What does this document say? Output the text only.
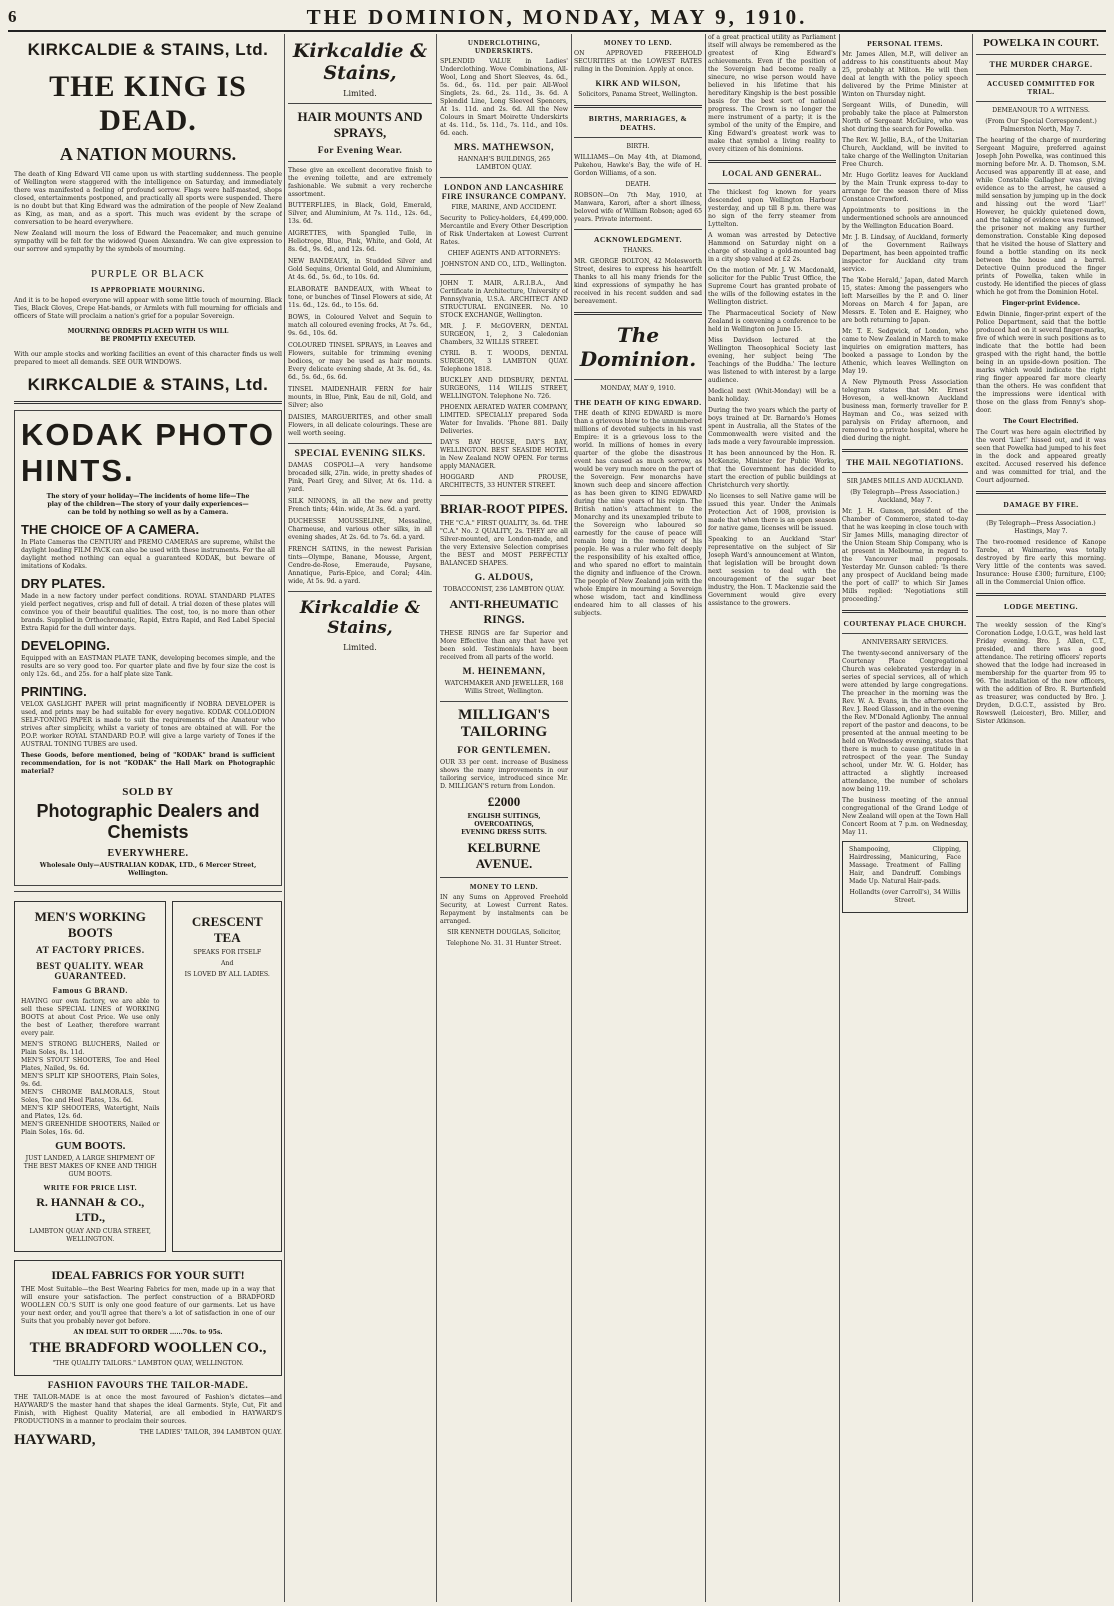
6	THE DOMINION, MONDAY, MAY 9, 1910.
KIRKCALDIE & STAINS, Ltd.
THE KING IS DEAD.
A NATION MOURNS.

The death of King Edward VII came upon us with startling suddenness. The people of Wellington were staggered with the intelligence on Saturday, and immediately there was manifested a feeling of profound sorrow. Flags were half-masted, shops closed, entertainments postponed, and practically all sports were suspended. There is no doubt but that King Edward was the admiration of the people of New Zealand as King, as man, and as a sport. This much was evident by the scrape of conversation to be heard everywhere.

New Zealand will mourn the loss of Edward the Peacemaker, and much genuine sympathy will be felt for the widowed Queen Alexandra. We can give expression to our sorrow and sympathy by the symbols of mourning.

PURPLE OR BLACK
IS APPROPRIATE MOURNING.

And it is to be hoped everyone will appear with some little touch of mourning. Black Ties, Black Gloves, Crepe Hat-bands, or Armlets with full mourning for officials and officers of State will proclaim a nation's grief for a popular Sovereign.

MOURNING ORDERS PLACED WITH US WILL BE PROMPTLY EXECUTED.

With our ample stocks and working facilities an event of this character finds us well prepared to meet all demands. SEE OUR WINDOWS.

KIRKCALDIE & STAINS, Ltd.
KODAK PHOTO HINTS.

The story of your holiday—The incidents of home life—The play of the children—The story of your daily experiences—can be told by nothing so well as by a Camera.

THE CHOICE OF A CAMERA.

In Plate Cameras the CENTURY and PREMO CAMERAS are supreme, whilst the daylight loading FILM PACK can also be used with these instruments. For the all daylight method nothing can equal a guaranteed KODAK, but beware of imitations of Kodaks.

DRY PLATES.

Made in a new factory under perfect conditions. ROYAL STANDARD PLATES yield perfect negatives, crisp and full of detail. A trial dozen of these plates will convince you of their beautiful qualities. The cost, too, is no more than other brands. Supplied in Orthochromatic, Rapid, Extra Rapid, and Red Label Special Extra Rapid for the dull winter days.

DEVELOPING.

Equipped with an EASTMAN PLATE TANK, developing becomes simple, and the results are so very good too. For quarter plate and five by four size the cost is only 12s. 6d., and 25s. for a half plate size Tank.

PRINTING.

VELOX GASLIGHT PAPER will print magnificently if NOBRA DEVELOPER is used, and prints may be had suitable for every negative. KODAK COLLODION SELF-TONING PAPER is made to suit the requirements of the Amateur who strives after simplicity, whilst a variety of tones are obtained at will. For the P.O.P. worker ROYAL STANDARD P.O.P. will give a large variety of Tones if the AUSTRAL TONING TUBES are used.

These Goods, before mentioned, being of "KODAK" brand is sufficient recommendation, for is not "KODAK" the Hall Mark on Photographic material?

SOLD BY
Photographic Dealers and Chemists
EVERYWHERE.

Wholesale Only—AUSTRALIAN KODAK, LTD., 6 Mercer Street, Wellington.

MEN'S WORKING BOOTS
AT FACTORY PRICES.
BEST QUALITY. WEAR GUARANTEED.
Famous G BRAND.

HAVING our own factory, we are able to sell these SPECIAL LINES of WORKING BOOTS at about Cost Price. We use only the best of Leather, therefore warrant every pair.

MEN'S STRONG BLUCHERS, Nailed or Plain Soles, 8s. 11d.

MEN'S STOUT SHOOTERS, Toe and Heel Plates, Nailed, 9s. 6d.

MEN'S SPLIT KIP SHOOTERS, Plain Soles, 9s. 6d.

MEN'S CHROME BALMORALS, Stout Soles, Toe and Heel Plates, 13s. 6d.

MEN'S KIP SHOOTERS, Watertight, Nails and Plates, 12s. 6d.

MEN'S GREENHIDE SHOOTERS, Nailed or Plain Soles, 16s. 6d.

GUM BOOTS.

JUST LANDED, A LARGE SHIPMENT OF THE BEST MAKES OF KNEE AND THIGH GUM BOOTS.

WRITE FOR PRICE LIST.
R. HANNAH & CO., LTD.,

LAMBTON QUAY AND CUBA STREET, WELLINGTON.

CRESCENT TEA

SPEAKS FOR ITSELF

And

IS LOVED BY ALL LADIES.

IDEAL FABRICS FOR YOUR SUIT!

THE Most Suitable—the Best Wearing Fabrics for men, made up in a way that will ensure your satisfaction. The perfect construction of a BRADFORD WOOLLEN CO.'S SUIT is only one good feature of our garments. Let us have your next order, and you'll agree that there's a lot of satisfaction in one of our Suits that you probably never got before.

AN IDEAL SUIT TO ORDER ......70s. to 95s.

THE BRADFORD WOOLLEN CO.,

"THE QUALITY TAILORS." LAMBTON QUAY, WELLINGTON.

FASHION FAVOURS THE TAILOR-MADE.

THE TAILOR-MADE is at once the most favoured of Fashion's dictates—and HAYWARD'S the master hand that shapes the ideal Garments. Style, Cut, Fit and Finish, with Highest Quality Material, are all embodied in HAYWARD'S PRODUCTIONS in a manner to proclaim their sources.

HAYWARD,	THE LADIES' TAILOR, 394 LAMBTON QUAY.

Kirkcaldie & Stains,

Limited.

HAIR MOUNTS AND SPRAYS,
For Evening Wear.

These give an excellent decorative finish to the evening toilette, and are extremely fashionable. We submit a very recherche assortment.

BUTTERFLIES, in Black, Gold, Emerald, Silver, and Aluminium, At 7s. 11d., 12s. 6d., 13s. 6d.

AIGRETTES, with Spangled Tulle, in Heliotrope, Blue, Pink, White, and Gold, At 8s. 6d., 9s. 6d., and 12s. 6d.

NEW BANDEAUX, in Studded Silver and Gold Sequins, Oriental Gold, and Aluminium, At 4s. 6d., 5s. 6d., to 10s. 6d.

ELABORATE BANDEAUX, with Wheat to tone, or bunches of Tinsel Flowers at side, At 11s. 6d., 12s. 6d., to 15s. 6d.

BOWS, in Coloured Velvet and Sequin to match all coloured evening frocks, At 7s. 6d., 9s. 6d., 10s. 6d.

COLOURED TINSEL SPRAYS, in Leaves and Flowers, suitable for trimming evening bodices, or may be used as hair mounts. Every delicate evening shade, At 3s. 6d., 4s. 6d., 5s. 6d., 6s. 6d.

TINSEL MAIDENHAIR FERN for hair mounts, in Blue, Pink, Eau de nil, Gold, and Silver; also

DAISIES, MARGUERITES, and other small Flowers, in all delicate colourings. These are well worth seeing.

SPECIAL EVENING SILKS.

DAMAS COSPOLI—A very handsome brocaded silk, 27in. wide, in pretty shades of Pink, Pearl Grey, and Silver, At 6s. 11d. a yard.

SILK NINONS, in all the new and pretty French tints; 44in. wide, At 3s. 6d. a yard.

DUCHESSE MOUSSELINE, Messaline, Charmeuse, and various other silks, in all evening shades, At 2s. 6d. to 7s. 6d. a yard.

FRENCH SATINS, in the newest Parisian tints—Olympe, Banane, Mousse, Argent, Cendre-de-Rose, Emeraude, Paysane, Annatique, Paris-Epice, and Coral; 44in. wide, At 5s. 9d. a yard.

Kirkcaldie & Stains,

Limited.

UNDERCLOTHING, UNDERSKIRTS.

SPLENDID VALUE in Ladies' Underclothing. Wove Combinations, All-Wool, Long and Short Sleeves, 4s. 6d., 5s. 6d., 6s. 11d. per pair. All-Wool Singlets, 2s. 6d., 2s. 11d., 3s. 6d. A Splendid Line, Long Sleeved Spencers, At 1s. 11d. and 2s. 6d. All the New Colours in Smart Moirette Underskirts at 4s. 11d., 5s. 11d., 7s. 11d., and 10s. 6d. each.

MRS. MATHEWSON,

HANNAH'S BUILDINGS, 265 LAMBTON QUAY.

LONDON AND LANCASHIRE FIRE INSURANCE COMPANY.

FIRE, MARINE, AND ACCIDENT.

Security to Policy-holders, £4,499,000. Mercantile and Every Other Description of Risk Undertaken at Lowest Current Rates.

CHIEF AGENTS AND ATTORNEYS:

JOHNSTON AND CO., LTD., Wellington.

JOHN T. MAIR, A.R.I.B.A., And Certificate in Architecture, University of Pennsylvania, U.S.A. ARCHITECT AND STRUCTURAL ENGINEER. No. 10 STOCK EXCHANGE, Wellington.

MR. J. F. McGOVERN, DENTAL SURGEON, 1, 2, 3 Caledonian Chambers, 32 WILLIS STREET.

CYRIL B. T. WOODS, DENTAL SURGEON, 3 LAMBTON QUAY. Telephone 1818.

BUCKLEY AND DIDSBURY, DENTAL SURGEONS, 114 WILLIS STREET, WELLINGTON. Telephone No. 726.

PHOENIX AERATED WATER COMPANY, LIMITED. SPECIALLY prepared Soda Water for Invalids. 'Phone 881. Daily Deliveries.

DAY'S BAY HOUSE, DAY'S BAY, WELLINGTON. BEST SEASIDE HOTEL in New Zealand NOW OPEN. For terms apply MANAGER.

HOGGARD AND PROUSE, ARCHITECTS, 33 HUNTER STREET.

BRIAR-ROOT PIPES.

THE "C.A." FIRST QUALITY, 3s. 6d. THE "C.A." No. 2 QUALITY, 2s. THEY are all Silver-mounted, are London-made, and the very Extensive Selection comprises the BEST and MOST PERFECTLY BALANCED SHAPES.

G. ALDOUS,

TOBACCONIST, 236 LAMBTON QUAY.

ANTI-RHEUMATIC RINGS.

THESE RINGS are far Superior and More Effective than any that have yet been sold. Testimonials have been received from all parts of the world.

M. HEINEMANN,

WATCHMAKER AND JEWELLER, 168 Willis Street, Wellington.

MILLIGAN'S TAILORING
FOR GENTLEMEN.

OUR 33 per cent. increase of Business shows the many improvements in our tailoring service, introduced since Mr. D. MILLIGAN'S return from London.

£2000

ENGLISH SUITINGS,

OVERCOATINGS,

EVENING DRESS SUITS.

KELBURNE AVENUE.
MONEY TO LEND.

IN any Sums on Approved Freehold Security, at Lowest Current Rates. Repayment by instalments can be arranged.

SIR KENNETH DOUGLAS, Solicitor,

Telephone No. 31. 31 Hunter Street.

MONEY TO LEND.

ON APPROVED FREEHOLD SECURITIES at the LOWEST RATES ruling in the Dominion. Apply at once.

KIRK AND WILSON,

Solicitors, Panama Street, Wellington.

BIRTHS, MARRIAGES, & DEATHS.

BIRTH.

WILLIAMS—On May 4th, at Diamond, Pukehou, Hawke's Bay, the wife of H. Gordon Williams, of a son.

DEATH.

ROBSON—On 7th May, 1910, at Manwara, Karori, after a short illness, beloved wife of William Robson; aged 65 years. Private interment.

ACKNOWLEDGMENT.

THANKS.

MR. GEORGE BOLTON, 42 Molesworth Street, desires to express his heartfelt Thanks to all his many friends for the kind expressions of sympathy he has received in his recent sudden and sad bereavement.

The Dominion.

MONDAY, MAY 9, 1910.

THE DEATH OF KING EDWARD.

THE death of KING EDWARD is more than a grievous blow to the unnumbered millions of devoted subjects in his vast Empire: it is a grievous loss to the world. In millions of homes in every quarter of the globe the disastrous event has caused as much sorrow, as would be very much more on the part of the Sovereign. Few monarchs have known such deep and sincere affection as has been given to KING EDWARD during the nine years of his reign. The British nation's attachment to the Monarchy and its unexampled tribute to the Sovereign who laboured so earnestly for the cause of peace will remain long in the memory of his people. He was a ruler who felt deeply the responsibility of his exalted office, and who spared no effort to maintain the dignity and influence of the Crown. The people of New Zealand join with the whole Empire in mourning a Sovereign whose wisdom, tact and kindliness endeared him to all classes of his subjects.

of a great practical utility as Parliament itself will always be remembered as the greatest of King Edward's achievements. Even if the position of the Sovereign had become really a sinecure, no wise person would have believed in his lifetime that his hereditary Kingship is the best possible basis for the best sort of national progress. The Crown is no longer the mere instrument of a party; it is the symbol of the unity of the Empire, and King Edward's greatest work was to make that symbol a living reality to every citizen of his dominions.

LOCAL AND GENERAL.

The thickest fog known for years descended upon Wellington Harbour yesterday, and up till 8 p.m. there was no sign of the ferry steamer from Lyttelton.

A woman was arrested by Detective Hammond on Saturday night on a charge of stealing a gold-mounted bag in a city shop valued at £2 2s.

On the motion of Mr. J. W. Macdonald, solicitor for the Public Trust Office, the Supreme Court has granted probate of the wills of the following estates in the Wellington district.

The Pharmaceutical Society of New Zealand is convening a conference to be held in Wellington on June 15.

Miss Davidson lectured at the Wellington Theosophical Society last evening, her subject being 'The Teachings of the Buddha.' The lecture was listened to with interest by a large audience.

Medical next (Whit-Monday) will be a bank holiday.

During the two years which the party of boys trained at Dr. Barnardo's Homes spent in Australia, all the States of the Commonwealth were visited and the lads made a very favourable impression.

It has been announced by the Hon. R. McKenzie, Minister for Public Works, that the Government has decided to start the erection of public buildings at Christchurch very shortly.

No licenses to sell Native game will be issued this year. Under the Animals Protection Act of 1908, provision is made that when there is an open season for native game, licenses will be issued.

Speaking to an Auckland 'Star' representative on the subject of Sir Joseph Ward's announcement at Winton, that legislation will be brought down next session to deal with the encouragement of the sugar beet industry, the Hon. T. Mackenzie said the Government would give every assistance to the growers.

PERSONAL ITEMS.

Mr. James Allen, M.P., will deliver an address to his constituents about May 25, probably at Milton. He will then deal at length with the policy speech delivered by the Prime Minister at Winton on Thursday night.

Sergeant Wills, of Dunedin, will probably take the place at Palmerston North of Sergeant McGuire, who was shot during the search for Powelka.

The Rev. W. Jellie, B.A., of the Unitarian Church, Auckland, will be invited to take charge of the Wellington Unitarian Free Church.

Mr. Hugo Gorlitz leaves for Auckland by the Main Trunk express to-day to arrange for the season there of Miss Constance Crawford.

Appointments to positions in the undermentioned schools are announced by the Wellington Education Board.

Mr. J. B. Lindsay, of Auckland, formerly of the Government Railways Department, has been appointed traffic inspector for Auckland city tram service.

The 'Kobe Herald,' Japan, dated March 15, states: Among the passengers who left Marseilles by the P. and O. liner Moreas on March 4 for Japan, are Messrs. E. Tolen and E. Haigney, who are both returning to Japan.

Mr. T. E. Sedgwick, of London, who came to New Zealand in March to make inquiries on emigration matters, has booked a passage to London by the Athenic, which leaves Wellington on May 19.

A New Plymouth Press Association telegram states that Mr. Ernest Hoveson, a well-known Auckland business man, formerly traveller for P. Hayman and Co., was seized with paralysis on Friday afternoon, and removed to a private hospital, where he died during the night.

THE MAIL NEGOTIATIONS.

SIR JAMES MILLS AND AUCKLAND.

(By Telegraph—Press Association.) Auckland, May 7.

Mr. J. H. Gunson, president of the Chamber of Commerce, stated to-day that he was keeping in close touch with Sir James Mills, managing director of the Union Steam Ship Company, who is at present in Melbourne, in regard to the Vancouver mail proposals. Yesterday Mr. Gunson cabled: 'Is there any prospect of Auckland being made the port of call?' to which Sir James Mills replied: 'Negotiations still proceeding.'

COURTENAY PLACE CHURCH.

ANNIVERSARY SERVICES.

The twenty-second anniversary of the Courtenay Place Congregational Church was celebrated yesterday in a series of special services, all of which were attended by large congregations. The preacher in the morning was the Rev. W. A. Evans, in the afternoon the Rev. J. Reed Glasson, and in the evening the Rev. M'Donald Aglionby. The annual report of the pastor and deacons, to be presented at the annual meeting to be held on Wednesday evening, states that there is much to cause gratitude in a retrospect of the year. The Sunday school, under Mr. W. G. Holder, has attracted a slightly increased attendance, the number of scholars now being 119.

The business meeting of the annual congregational of the Grand Lodge of New Zealand will open at the Town Hall Concert Room at 7 p.m. on Wednesday, May 11.

Shampooing, Clipping, Hairdressing, Manicuring, Face Massage. Treatment of Falling Hair, and Dandruff. Combings Made Up. Natural Hair-pads.

Hollandts (over Carroll's), 34 Willis Street.

POWELKA IN COURT.
THE MURDER CHARGE.
ACCUSED COMMITTED FOR TRIAL.

DEMEANOUR TO A WITNESS.

(From Our Special Correspondent.) Palmerston North, May 7.

The hearing of the charge of murdering Sergeant Maguire, preferred against Joseph John Powelka, was continued this morning before Mr. A. D. Thomson, S.M. Accused was apparently ill at ease, and while Constable Gallagher was giving evidence as to the arrest, he caused a mild sensation by jumping up in the dock and hissing out the word 'Liar!' However, he quickly quietened down, and the taking of evidence was resumed, the prisoner not making any further demonstration. Constable King deposed that he visited the house of Slattery and found a bottle standing on its neck between the house and a barrel. Detective Quinn produced the finger prints of Powelka, taken while in custody. He identified the pieces of glass which he got from the Dominion Hotel.

Finger-print Evidence.

Edwin Dinnie, finger-print expert of the Police Department, said that the bottle produced had on it several finger-marks, five of which were in such positions as to indicate that the bottle had been grasped with the right hand, the bottle being in an upside-down position. The marks which would indicate the right ring finger appeared far more clearly than the others. He was confident that the impressions were identical with those on the glass from Fenny's shop-door.

The Court Electrified.

The Court was here again electrified by the word 'Liar!' hissed out, and it was seen that Powelka had jumped to his feet in the dock and appeared greatly excited. Accused reserved his defence and was committed for trial, and the Court adjourned.

DAMAGE BY FIRE.

(By Telegraph—Press Association.) Hastings, May 7.

The two-roomed residence of Kanope Tarebe, at Waimarino, was totally destroyed by fire early this morning. Very little of the contents was saved. Insurance: House £300; furniture, £100; all in the Commercial Union office.

LODGE MEETING.

The weekly session of the King's Coronation Lodge, I.O.G.T., was held last Friday evening. Bro. J. Allen, C.T., presided, and there was a good attendance. The retiring officers' reports showed that the lodge had increased in membership for the quarter from 95 to 96. The installation of the new officers, with the addition of Bro. R. Burtenfield as treasurer, was conducted by Bro. J. Dryden, D.G.C.T., assisted by Bro. Rowswell (Leicester), Bro. Miller, and Sister Atkinson.
